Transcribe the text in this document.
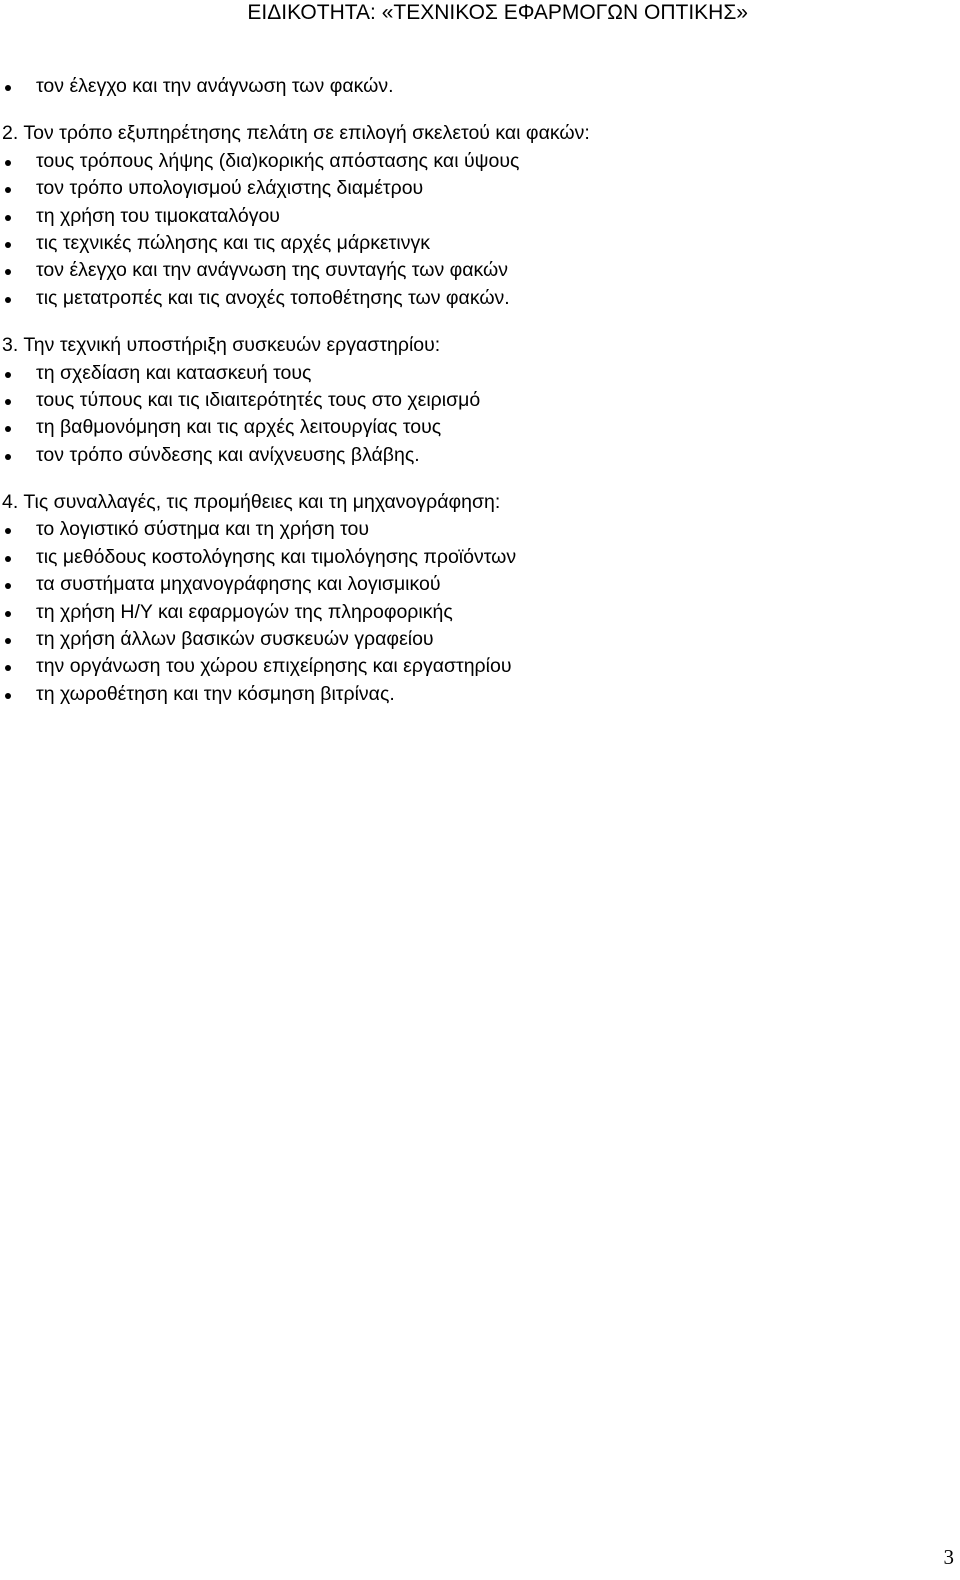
ΕΙΔΙΚΟΤΗΤΑ: «ΤΕΧΝΙΚΟΣ ΕΦΑΡΜΟΓΩΝ ΟΠΤΙΚΗΣ»
τον έλεγχο και την ανάγνωση των φακών.
2. Τον τρόπο εξυπηρέτησης πελάτη σε επιλογή σκελετού και φακών:
τους τρόπους λήψης (δια)κορικής απόστασης και ύψους
τον τρόπο υπολογισμού ελάχιστης διαμέτρου
τη χρήση του τιμοκαταλόγου
τις τεχνικές πώλησης και τις αρχές μάρκετινγκ
τον έλεγχο και την ανάγνωση της συνταγής των φακών
τις μετατροπές και τις ανοχές τοποθέτησης των φακών.
3. Την τεχνική υποστήριξη συσκευών εργαστηρίου:
τη σχεδίαση και κατασκευή τους
τους τύπους και τις ιδιαιτερότητές τους στο χειρισμό
τη βαθμονόμηση και τις αρχές λειτουργίας τους
τον τρόπο σύνδεσης και ανίχνευσης βλάβης.
4. Τις συναλλαγές, τις προμήθειες και τη μηχανογράφηση:
το λογιστικό σύστημα και τη χρήση του
τις μεθόδους κοστολόγησης και τιμολόγησης προϊόντων
τα συστήματα μηχανογράφησης και λογισμικού
τη χρήση Η/Υ και εφαρμογών της πληροφορικής
τη χρήση άλλων βασικών συσκευών γραφείου
την οργάνωση του χώρου επιχείρησης και εργαστηρίου
τη χωροθέτηση και την κόσμηση βιτρίνας.
3
